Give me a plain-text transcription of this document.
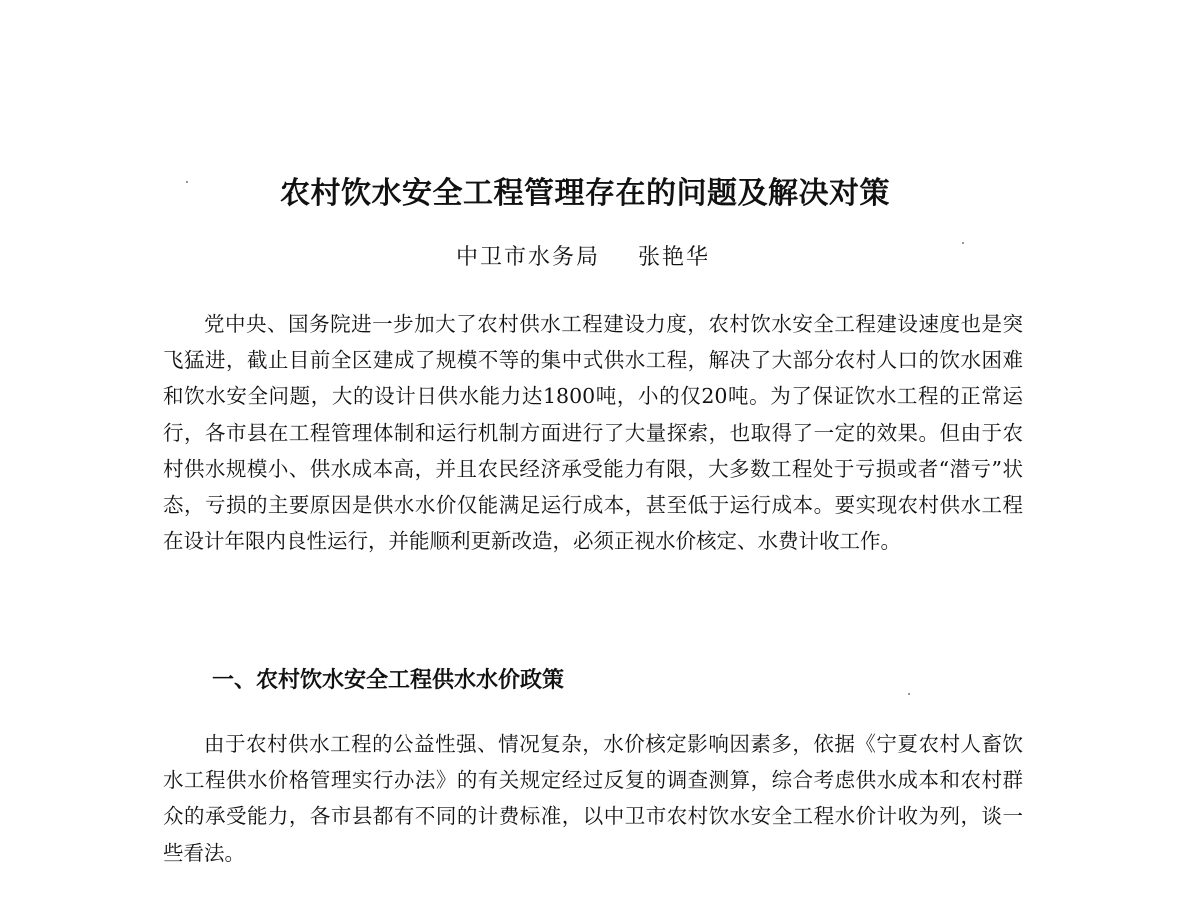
农村饮水安全工程管理存在的问题及解决对策
中卫市水务局 张艳华

党中央、国务院进一步加大了农村供水工程建设力度，农村饮水安全工程建设速度也是突飞猛进，截止目前全区建成了规模不等的集中式供水工程，解决了大部分农村人口的饮水困难和饮水安全问题，大的设计日供水能力达1800吨，小的仅20吨。为了保证饮水工程的正常运行，各市县在工程管理体制和运行机制方面进行了大量探索，也取得了一定的效果。但由于农村供水规模小、供水成本高，并且农民经济承受能力有限，大多数工程处于亏损或者“潜亏”状态，亏损的主要原因是供水水价仅能满足运行成本，甚至低于运行成本。要实现农村供水工程在设计年限内良性运行，并能顺利更新改造，必须正视水价核定、水费计收工作。

一、农村饮水安全工程供水水价政策

由于农村供水工程的公益性强、情况复杂，水价核定影响因素多，依据《宁夏农村人畜饮水工程供水价格管理实行办法》的有关规定经过反复的调查测算，综合考虑供水成本和农村群众的承受能力，各市县都有不同的计费标准，以中卫市农村饮水安全工程水价计收为列，谈一些看法。
